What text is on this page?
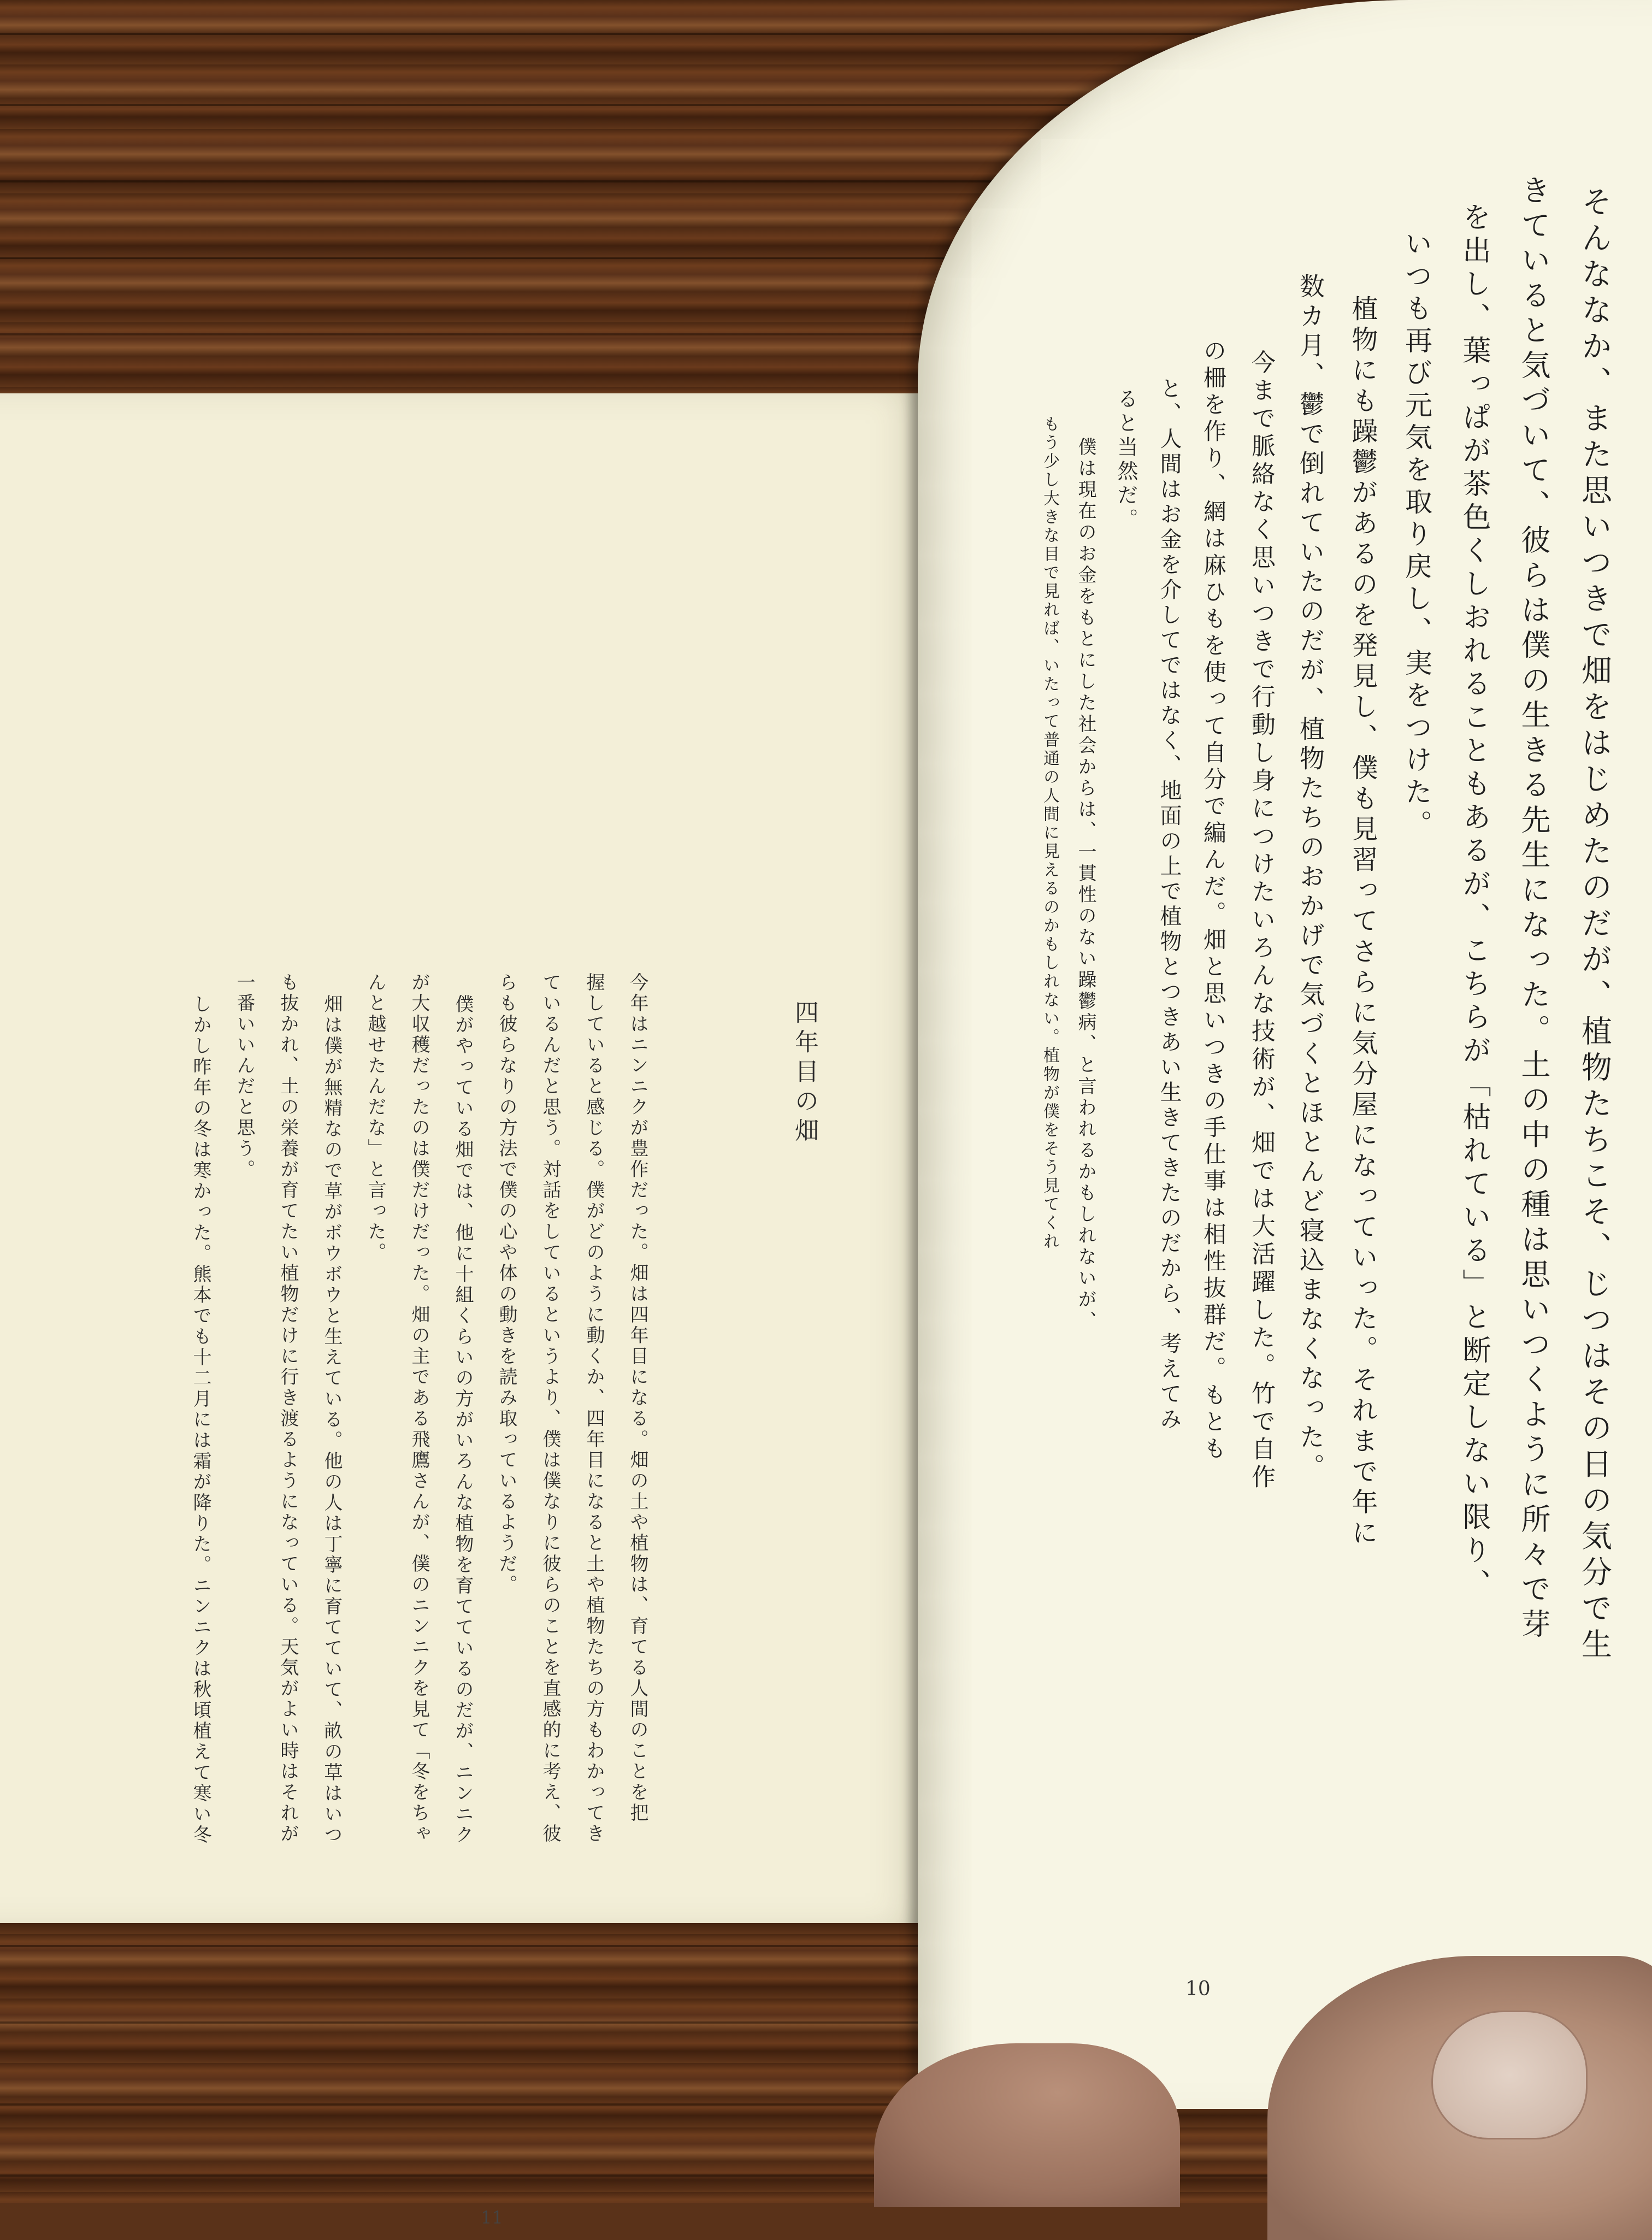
四年目の畑
今年はニンニクが豊作だった。畑は四年目になる。畑の土や植物は、育てる人間のことを把
握していると感じる。僕がどのように動くか、四年目になると土や植物たちの方もわかってき
ているんだと思う。対話をしているというより、僕は僕なりに彼らのことを直感的に考え、彼
らも彼らなりの方法で僕の心や体の動きを読み取っているようだ。
僕がやっている畑では、他に十組くらいの方がいろんな植物を育てているのだが、ニンニク
が大収穫だったのは僕だけだった。畑の主である飛鷹さんが、僕のニンニクを見て「冬をちゃ
んと越せたんだな」と言った。
畑は僕が無精なので草がボウボウと生えている。他の人は丁寧に育てていて、畝の草はいつ
も抜かれ、土の栄養が育てたい植物だけに行き渡るようになっている。天気がよい時はそれが
一番いいんだと思う。
しかし昨年の冬は寒かった。熊本でも十二月には霜が降りた。ニンニクは秋頃植えて寒い冬
11
そんななか、また思いつきで畑をはじめたのだが、植物たちこそ、じつはその日の気分で生
きていると気づいて、彼らは僕の生きる先生になった。土の中の種は思いつくように所々で芽
を出し、葉っぱが茶色くしおれることもあるが、こちらが「枯れている」と断定しない限り、
いつも再び元気を取り戻し、実をつけた。
植物にも躁鬱があるのを発見し、僕も見習ってさらに気分屋になっていった。それまで年に
数カ月、鬱で倒れていたのだが、植物たちのおかげで気づくとほとんど寝込まなくなった。
今まで脈絡なく思いつきで行動し身につけたいろんな技術が、畑では大活躍した。竹で自作
の柵を作り、網は麻ひもを使って自分で編んだ。畑と思いつきの手仕事は相性抜群だ。もとも
と、人間はお金を介してではなく、地面の上で植物とつきあい生きてきたのだから、考えてみ
ると当然だ。
僕は現在のお金をもとにした社会からは、一貫性のない躁鬱病、と言われるかもしれないが、
もう少し大きな目で見れば、いたって普通の人間に見えるのかもしれない。植物が僕をそう見てくれ
10
